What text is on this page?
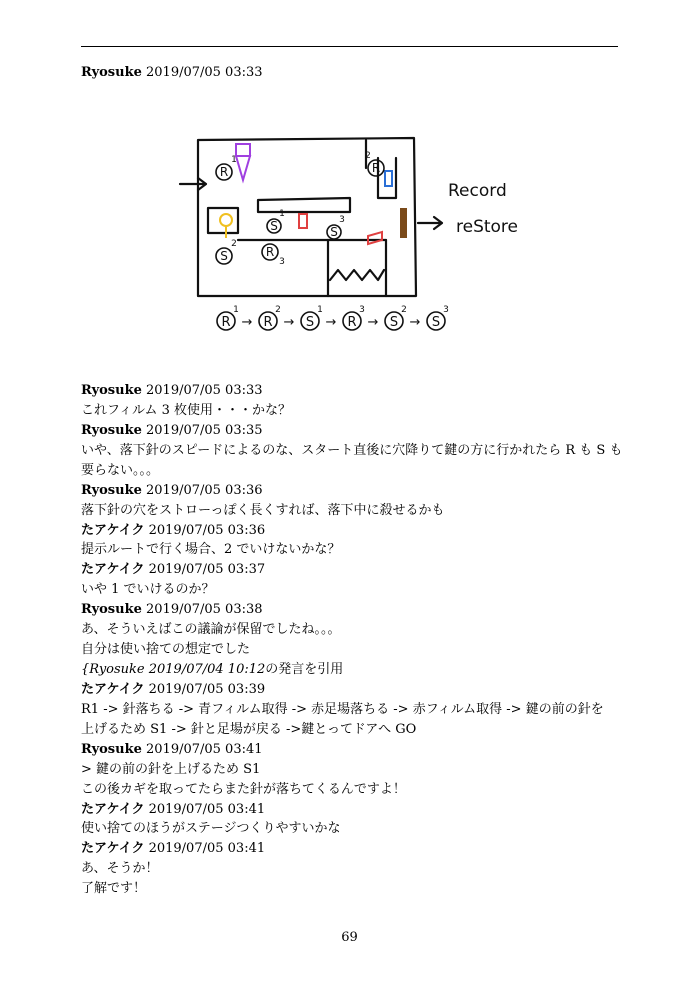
Ryosuke 2019/07/05 03:33
R
1
R
2
R
3
S
1
S
2
S
3
Record
reStore
R
1
→ R
2
→ S
1
→ R
3
→ S
2
→ S
3
Ryosuke 2019/07/05 03:33
これフィルム 3 枚使用・・・かな？
Ryosuke 2019/07/05 03:35
いや、落下針のスピードによるのな、スタート直後に穴降りて鍵の方に行かれたら R も S も
要らない。。。
Ryosuke 2019/07/05 03:36
落下針の穴をストローっぽく長くすれば、落下中に殺せるかも
たアケイク 2019/07/05 03:36
提示ルートで行く場合、2 でいけないかな？
たアケイク 2019/07/05 03:37
いや 1 でいけるのか？
Ryosuke 2019/07/05 03:38
あ、そういえばこの議論が保留でしたね。。。
自分は使い捨ての想定でした
{Ryosuke 2019/07/04 10:12の発言を引用
たアケイク 2019/07/05 03:39
R1 -> 針落ちる -> 青フィルム取得 -> 赤足場落ちる -> 赤フィルム取得 -> 鍵の前の針を
上げるため S1 -> 針と足場が戻る ->鍵とってドアへ GO
Ryosuke 2019/07/05 03:41
> 鍵の前の針を上げるため S1
この後カギを取ってたらまた針が落ちてくるんですよ！
たアケイク 2019/07/05 03:41
使い捨てのほうがステージつくりやすいかな
たアケイク 2019/07/05 03:41
あ、そうか！
了解です！
69
